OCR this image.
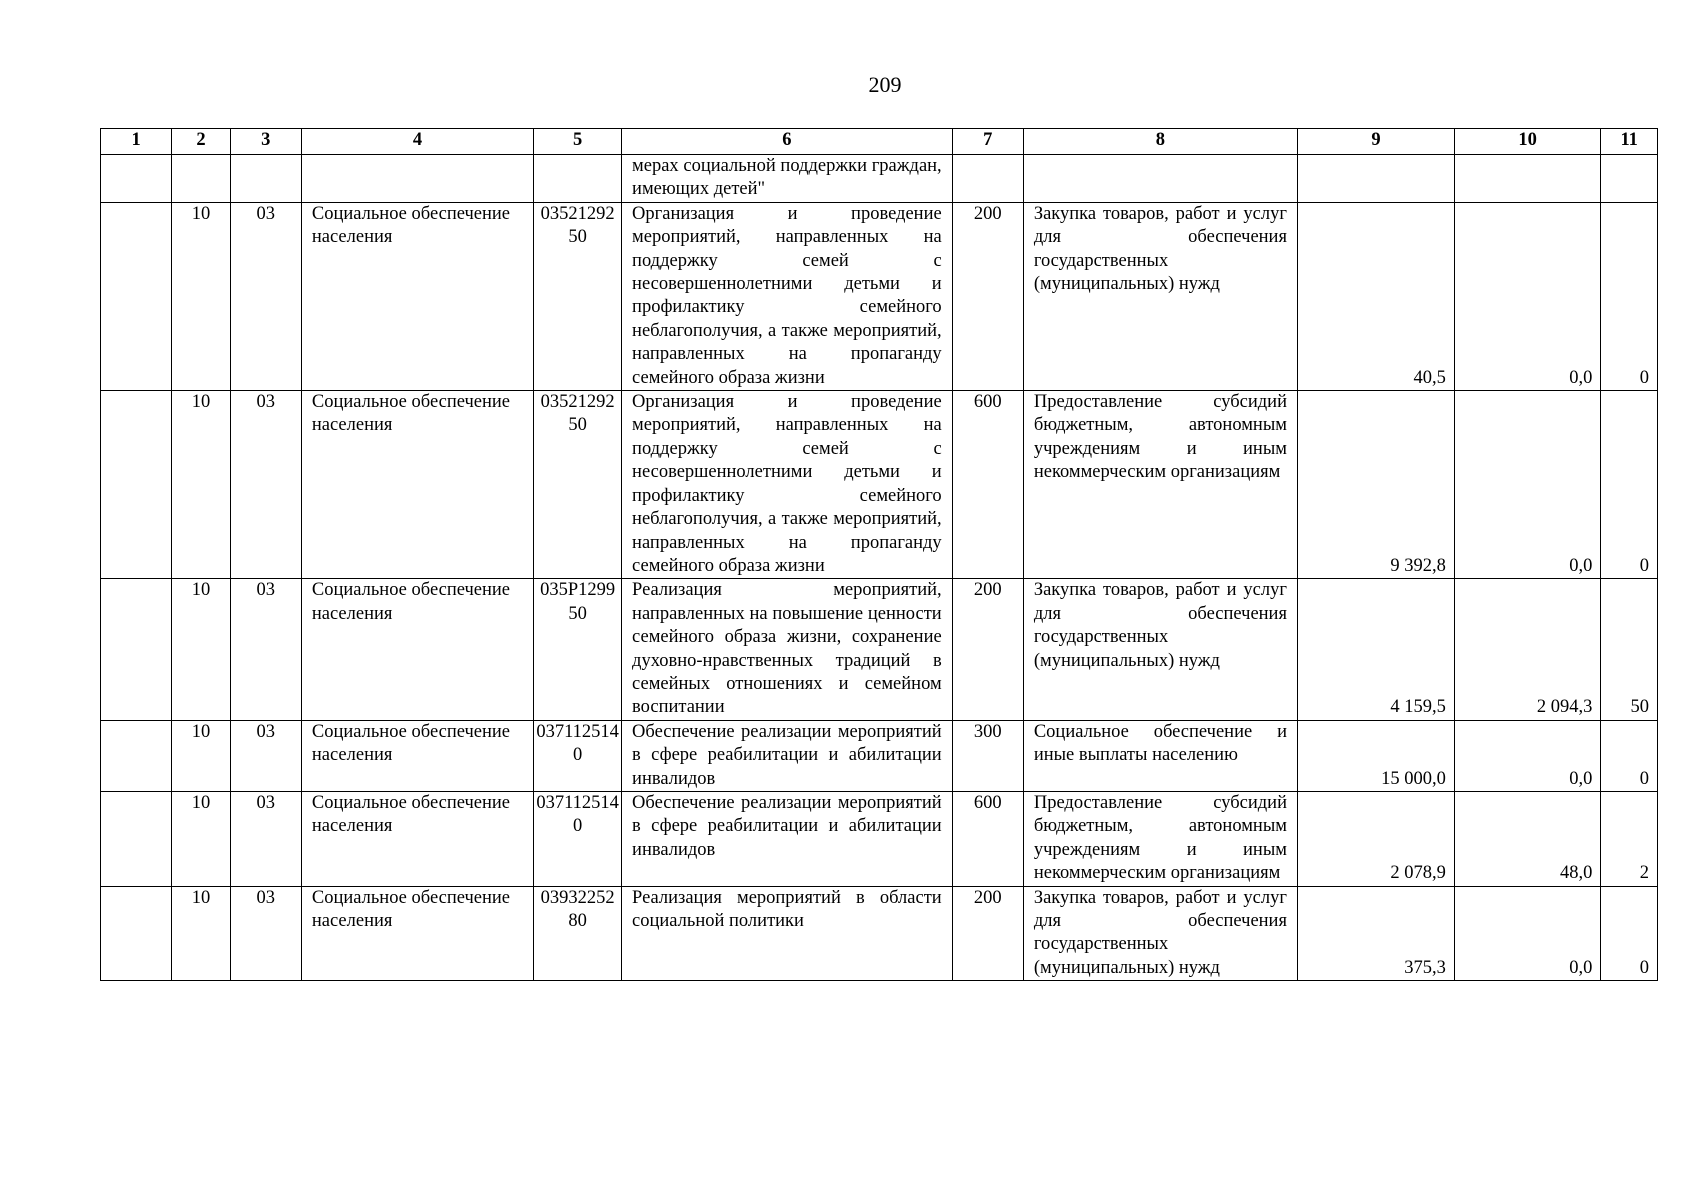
209
1	2	3	4	5	6	7	8	9	10	11
					мерах социальной поддержки граждан, имеющих детей"					
	10	03	Социальное обеспечение населения	0352129250	Организация и проведение мероприятий, направленных на поддержку семей с несовершеннолетними детьми и профилактику семейного неблагополучия, а также мероприятий, направленных на пропаганду семейного образа жизни	200	Закупка товаров, работ и услуг для обеспечения государственных (муниципальных) нужд	40,5	0,0	0
	10	03	Социальное обеспечение населения	0352129250	Организация и проведение мероприятий, направленных на поддержку семей с несовершеннолетними детьми и профилактику семейного неблагополучия, а также мероприятий, направленных на пропаганду семейного образа жизни	600	Предоставление субсидий бюджетным, автономным учреждениям и иным некоммерческим организациям	9 392,8	0,0	0
	10	03	Социальное обеспечение населения	035Р129950	Реализация мероприятий, направленных на повышение ценности семейного образа жизни, сохранение духовно-нравственных традиций в семейных отношениях и семейном воспитании	200	Закупка товаров, работ и услуг для обеспечения государственных (муниципальных) нужд	4 159,5	2 094,3	50
	10	03	Социальное обеспечение населения	0371125140	Обеспечение реализации мероприятий в сфере реабилитации и абилитации инвалидов	300	Социальное обеспечение и иные выплаты населению	15 000,0	0,0	0
	10	03	Социальное обеспечение населения	0371125140	Обеспечение реализации мероприятий в сфере реабилитации и абилитации инвалидов	600	Предоставление субсидий бюджетным, автономным учреждениям и иным некоммерческим организациям	2 078,9	48,0	2
	10	03	Социальное обеспечение населения	0393225280	Реализация мероприятий в области социальной политики	200	Закупка товаров, работ и услуг для обеспечения государственных (муниципальных) нужд	375,3	0,0	0
